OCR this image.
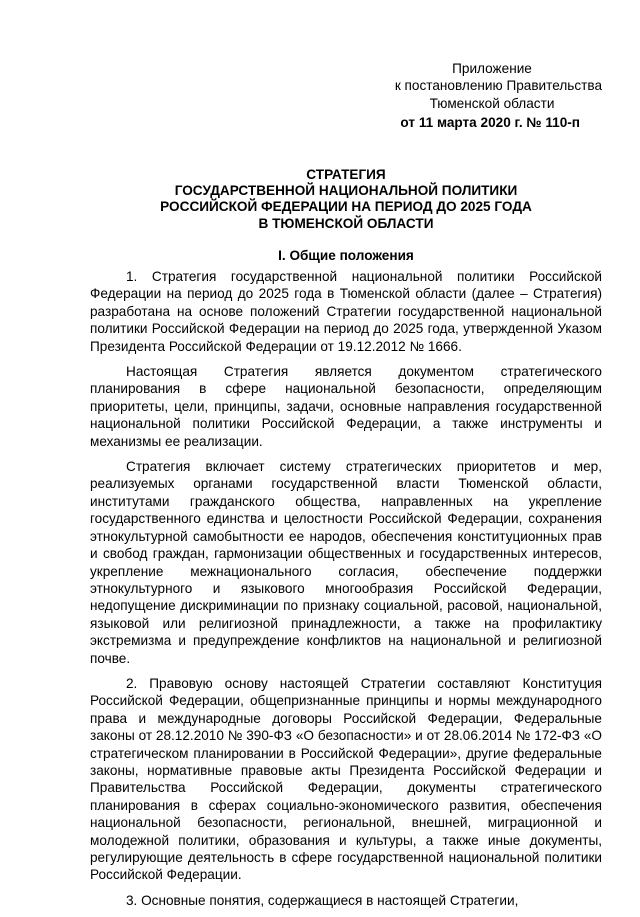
Приложение
к постановлению Правительства
Тюменской области
от 11 марта 2020 г. № 110-п
СТРАТЕГИЯ
ГОСУДАРСТВЕННОЙ НАЦИОНАЛЬНОЙ ПОЛИТИКИ
РОССИЙСКОЙ ФЕДЕРАЦИИ НА ПЕРИОД ДО 2025 ГОДА
В ТЮМЕНСКОЙ ОБЛАСТИ
I. Общие положения

1. Стратегия государственной национальной политики Российской Федерации на период до 2025 года в Тюменской области (далее – Стратегия) разработана на основе положений Стратегии государственной национальной политики Российской Федерации на период до 2025 года, утвержденной Указом Президента Российской Федерации от 19.12.2012 № 1666.

Настоящая Стратегия является документом стратегического планирования в сфере национальной безопасности, определяющим приоритеты, цели, принципы, задачи, основные направления государственной национальной политики Российской Федерации, а также инструменты и механизмы ее реализации.

Стратегия включает систему стратегических приоритетов и мер, реализуемых органами государственной власти Тюменской области, институтами гражданского общества, направленных на укрепление государственного единства и целостности Российской Федерации, сохранения этнокультурной самобытности ее народов, обеспечения конституционных прав и свобод граждан, гармонизации общественных и государственных интересов, укрепление межнационального согласия, обеспечение поддержки этнокультурного и языкового многообразия Российской Федерации, недопущение дискриминации по признаку социальной, расовой, национальной, языковой или религиозной принадлежности, а также на профилактику экстремизма и предупреждение конфликтов на национальной и религиозной почве.

2. Правовую основу настоящей Стратегии составляют Конституция Российской Федерации, общепризнанные принципы и нормы международного права и международные договоры Российской Федерации, Федеральные законы от 28.12.2010 № 390-ФЗ «О безопасности» и от 28.06.2014 № 172-ФЗ «О стратегическом планировании в Российской Федерации», другие федеральные законы, нормативные правовые акты Президента Российской Федерации и Правительства Российской Федерации, документы стратегического планирования в сферах социально-экономического развития, обеспечения национальной безопасности, региональной, внешней, миграционной и молодежной политики, образования и культуры, а также иные документы, регулирующие деятельность в сфере государственной национальной политики Российской Федерации.

3. Основные понятия, содержащиеся в настоящей Стратегии,
